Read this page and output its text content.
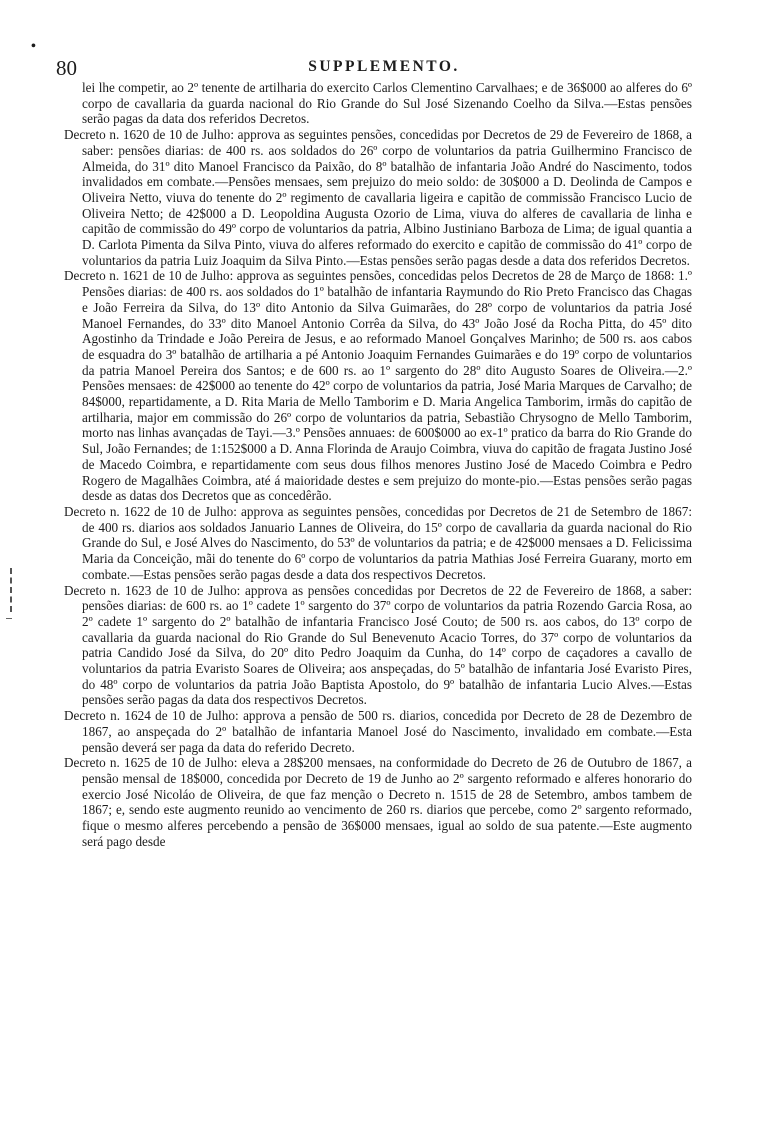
•
80	SUPPLEMENTO.

lei lhe competir, ao 2º tenente de artilharia do exercito Carlos Clementino Carvalhaes; e de 36$000 ao alferes do 6º corpo de cavallaria da guarda nacional do Rio Grande do Sul José Sizenando Coelho da Silva.—Estas pensões serão pagas da data dos referidos Decretos.

Decreto n. 1620 de 10 de Julho: approva as seguintes pensões, concedidas por Decretos de 29 de Fevereiro de 1868, a saber: pensões diarias: de 400 rs. aos soldados do 26º corpo de voluntarios da patria Guilhermino Francisco de Almeida, do 31º dito Manoel Francisco da Paixão, do 8º batalhão de infantaria João André do Nascimento, todos invalidados em combate.—Pensões mensaes, sem prejuizo do meio soldo: de 30$000 a D. Deolinda de Campos e Oliveira Netto, viuva do tenente do 2º regimento de cavallaria ligeira e capitão de commissão Francisco Lucio de Oliveira Netto; de 42$000 a D. Leopoldina Augusta Ozorio de Lima, viuva do alferes de cavallaria de linha e capitão de commissão do 49º corpo de voluntarios da patria, Albino Justiniano Barboza de Lima; de igual quantia a D. Carlota Pimenta da Silva Pinto, viuva do alferes reformado do exercito e capitão de commissão do 41º corpo de voluntarios da patria Luiz Joaquim da Silva Pinto.—Estas pensões serão pagas desde a data dos referidos Decretos.

Decreto n. 1621 de 10 de Julho: approva as seguintes pensões, concedidas pelos Decretos de 28 de Março de 1868: 1.º Pensões diarias: de 400 rs. aos soldados do 1º batalhão de infantaria Raymundo do Rio Preto Francisco das Chagas e João Ferreira da Silva, do 13º dito Antonio da Silva Guimarães, do 28º corpo de voluntarios da patria José Manoel Fernandes, do 33º dito Manoel Antonio Corrêa da Silva, do 43º João José da Rocha Pitta, do 45º dito Agostinho da Trindade e João Pereira de Jesus, e ao reformado Manoel Gonçalves Marinho; de 500 rs. aos cabos de esquadra do 3º batalhão de artilharia a pé Antonio Joaquim Fernandes Guimarães e do 19º corpo de voluntarios da patria Manoel Pereira dos Santos; e de 600 rs. ao 1º sargento do 28º dito Augusto Soares de Oliveira.—2.º Pensões mensaes: de 42$000 ao tenente do 42º corpo de voluntarios da patria, José Maria Marques de Carvalho; de 84$000, repartidamente, a D. Rita Maria de Mello Tamborim e D. Maria Angelica Tamborim, irmãs do capitão de artilharia, major em commissão do 26º corpo de voluntarios da patria, Sebastião Chrysogno de Mello Tamborim, morto nas linhas avançadas de Tayi.—3.º Pensões annuaes: de 600$000 ao ex-1º pratico da barra do Rio Grande do Sul, João Fernandes; de 1:152$000 a D. Anna Florinda de Araujo Coimbra, viuva do capitão de fragata Justino José de Macedo Coimbra, e repartidamente com seus dous filhos menores Justino José de Macedo Coimbra e Pedro Rogero de Magalhães Coimbra, até á maioridade destes e sem prejuizo do monte-pio.—Estas pensões serão pagas desde as datas dos Decretos que as concedêrão.

Decreto n. 1622 de 10 de Julho: approva as seguintes pensões, concedidas por Decretos de 21 de Setembro de 1867: de 400 rs. diarios aos soldados Januario Lannes de Oliveira, do 15º corpo de cavallaria da guarda nacional do Rio Grande do Sul, e José Alves do Nascimento, do 53º de voluntarios da patria; e de 42$000 mensaes a D. Felicissima Maria da Conceição, mãi do tenente do 6º corpo de voluntarios da patria Mathias José Ferreira Guarany, morto em combate.—Estas pensões serão pagas desde a data dos respectivos Decretos.

Decreto n. 1623 de 10 de Julho: approva as pensões concedidas por Decretos de 22 de Fevereiro de 1868, a saber: pensões diarias: de 600 rs. ao 1º cadete 1º sargento do 37º corpo de voluntarios da patria Rozendo Garcia Rosa, ao 2º cadete 1º sargento do 2º batalhão de infantaria Francisco José Couto; de 500 rs. aos cabos, do 13º corpo de cavallaria da guarda nacional do Rio Grande do Sul Benevenuto Acacio Torres, do 37º corpo de voluntarios da patria Candido José da Silva, do 20º dito Pedro Joaquim da Cunha, do 14º corpo de caçadores a cavallo de voluntarios da patria Evaristo Soares de Oliveira; aos anspeçadas, do 5º batalhão de infantaria José Evaristo Pires, do 48º corpo de voluntarios da patria João Baptista Apostolo, do 9º batalhão de infantaria Lucio Alves.—Estas pensões serão pagas da data dos respectivos Decretos.

Decreto n. 1624 de 10 de Julho: approva a pensão de 500 rs. diarios, concedida por Decreto de 28 de Dezembro de 1867, ao anspeçada do 2º batalhão de infantaria Manoel José do Nascimento, invalidado em combate.—Esta pensão deverá ser paga da data do referido Decreto.

Decreto n. 1625 de 10 de Julho: eleva a 28$200 mensaes, na conformidade do Decreto de 26 de Outubro de 1867, a pensão mensal de 18$000, concedida por Decreto de 19 de Junho ao 2º sargento reformado e alferes honorario do exercio José Nicoláo de Oliveira, de que faz menção o Decreto n. 1515 de 28 de Setembro, ambos tambem de 1867; e, sendo este augmento reunido ao vencimento de 260 rs. diarios que percebe, como 2º sargento reformado, fique o mesmo alferes percebendo a pensão de 36$000 mensaes, igual ao soldo de sua patente.—Este augmento será pago desde
